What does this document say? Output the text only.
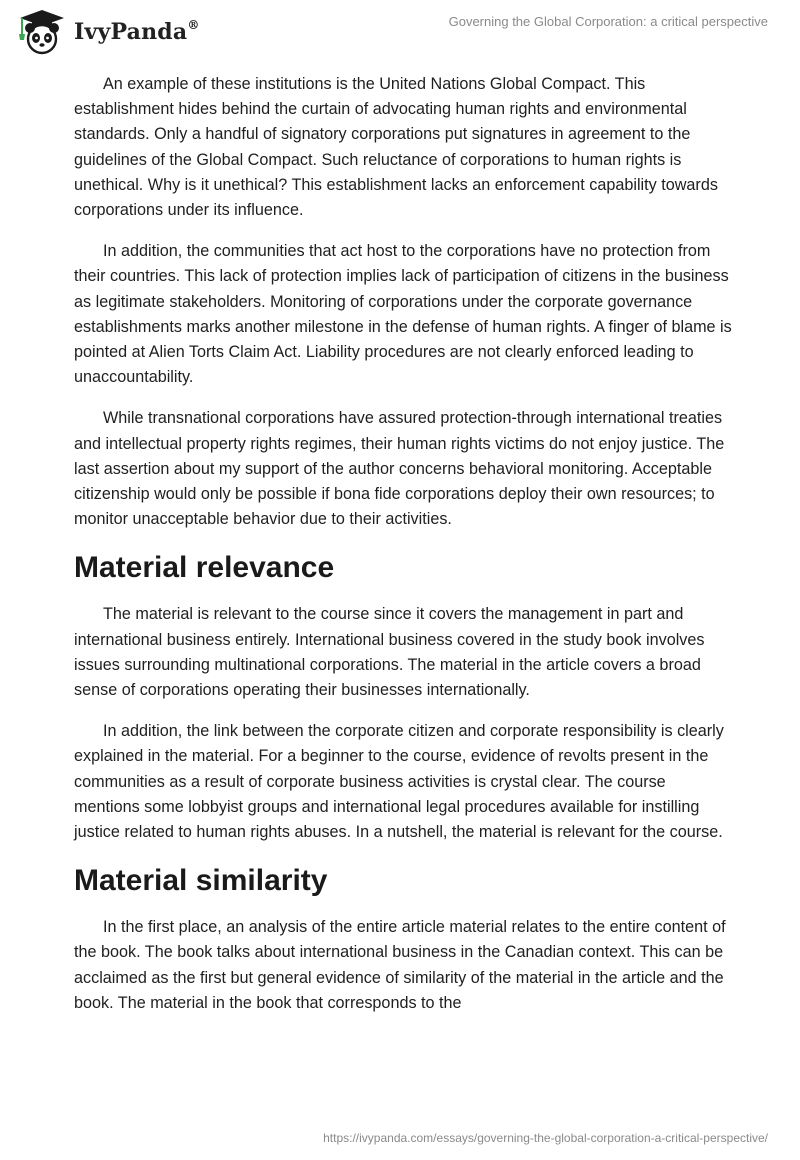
IvyPanda®	Governing the Global Corporation: a critical perspective

An example of these institutions is the United Nations Global Compact. This establishment hides behind the curtain of advocating human rights and environmental standards. Only a handful of signatory corporations put signatures in agreement to the guidelines of the Global Compact. Such reluctance of corporations to human rights is unethical. Why is it unethical? This establishment lacks an enforcement capability towards corporations under its influence.

In addition, the communities that act host to the corporations have no protection from their countries. This lack of protection implies lack of participation of citizens in the business as legitimate stakeholders. Monitoring of corporations under the corporate governance establishments marks another milestone in the defense of human rights. A finger of blame is pointed at Alien Torts Claim Act. Liability procedures are not clearly enforced leading to unaccountability.

While transnational corporations have assured protection-through international treaties and intellectual property rights regimes, their human rights victims do not enjoy justice. The last assertion about my support of the author concerns behavioral monitoring. Acceptable citizenship would only be possible if bona fide corporations deploy their own resources; to monitor unacceptable behavior due to their activities.

Material relevance

The material is relevant to the course since it covers the management in part and international business entirely. International business covered in the study book involves issues surrounding multinational corporations. The material in the article covers a broad sense of corporations operating their businesses internationally.

In addition, the link between the corporate citizen and corporate responsibility is clearly explained in the material. For a beginner to the course, evidence of revolts present in the communities as a result of corporate business activities is crystal clear. The course mentions some lobbyist groups and international legal procedures available for instilling justice related to human rights abuses. In a nutshell, the material is relevant for the course.

Material similarity

In the first place, an analysis of the entire article material relates to the entire content of the book. The book talks about international business in the Canadian context. This can be acclaimed as the first but general evidence of similarity of the material in the article and the book. The material in the book that corresponds to the

https://ivypanda.com/essays/governing-the-global-corporation-a-critical-perspective/
